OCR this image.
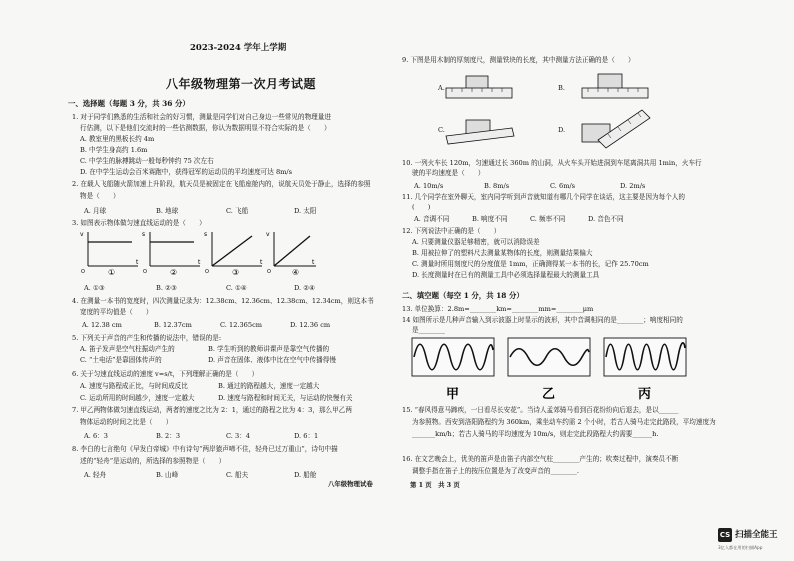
2023-2024 学年上学期
八年级物理第一次月考试题
一、选择题（每题 3 分，共 36 分）
1. 对于同学们熟悉的生活和社会的好习惯，测量是同学们对自己身边一些常见的物理量进
行估测，以下是他们交流时的一些估测数据，你认为数据明显不符合实际的是（　　）
A. 教室里的黑板长约 4m
B. 中学生身高约 1.6m
C. 中学生的脉搏跳动一般每秒钟约 75 次左右
D. 在中学生运动会百米赛跑中，获得冠军的运动员的平均速度可达 8m/s
2. 在载人飞船随火箭加速上升阶段，航天员是被固定在飞船座舱内的，说航天员处于静止，选择的参照
物是（　　）
A. 月球	B. 地球	C. 飞船	D. 太阳
3. 如图表示物体做匀速直线运动的是（　　）
v
t
O	①
s
t
O	②
s
t
O	③
v
t
O	④
A. ①③	B. ②③	C. ①④	D. ②④
4. 在测量一本书的宽度时，四次测量记录为：12.38cm、12.36cm、12.38cm、12.34cm，则这本书
宽度的平均值是（　　）
A. 12.38 cm	B. 12.37cm	C. 12.365cm	D. 12.36 cm
5. 下列关于声音的产生和传播的说法中，错误的是:
A. 笛子发声是空气柱振动产生的	B. 学生听到的教师讲课声是靠空气传播的
C. “土电话”是靠固体传声的	D. 声音在固体、液体中比在空气中传播得慢
6. 关于匀速直线运动的速度 v=s/t，下列理解正确的是（　　）
A. 速度与路程成正比，与时间成反比	B. 通过的路程越大，速度一定越大
C. 运动所用的时间越少，速度一定越大	D. 速度与路程和时间无关，与运动的快慢有关
7. 甲乙两物体做匀速直线运动，两者的速度之比为 2：1，通过的路程之比为 4：3，那么甲乙两
物体运动的时间之比是（　　）
A. 6：3	B. 2：3	C. 3：4	D. 6：1
8. 李白的七言绝句《早发白帝城》中有诗句“两岸猿声啼不住，轻舟已过万重山”，诗句中描
述的“轻舟”是运动的，所选择的参照物是（　　）
A. 轻舟	B. 山峰	C. 船夫	D. 船舱
八年级物理试卷
9. 下图是用木制的厚刻度尺，测量铁块的长度，其中测量方法正确的是（　　）
A.	B.
C.	D.
10. 一列火车长 120m，匀速通过长 360m 的山洞，从火车头开始进洞到车尾离洞共用 1min，火车行
驶的平均速度是（　　）
A. 10m/s	B. 8m/s	C. 6m/s	D. 2m/s
11. 几个同学在室外聊天，室内同学听到声音就知道有哪几个同学在谈话，这主要是因为每个人的
(　　)
A. 音调不同	B. 响度不同	C. 频率不同	D. 音色不同
12. 下列说法中正确的是（　　）
A. 只要测量仪器足够精密，就可以消除误差
B. 用被拉伸了的塑料尺去测量某物体的长度，则测量结果偏大
C. 测量时所用刻度尺的分度值是 1mm，正确测得某一本书的长，记作 25.70cm
D. 长度测量时在已有的测量工具中必须选择量程最大的测量工具
二、填空题（每空 1 分，共 18 分）
13. 单位换算：2.8m=________km=________mm=________μm
14 如图所示是几种声音输入到示波器上时显示的波形，其中音调相同的是________；响度相同的
是________
甲	乙	丙
15. “春风得意马蹄疾，一日看尽长安花”。当诗人孟郊骑马看到百花纷纷向后退去，是以______
为参照物。西安到洛阳路程约为 360km，乘坐动车约需 2 个小时，若古人骑马走完此路段，平均速度为
_______km/h；若古人骑马的平均速度为 10m/s，则走完此段路程大约需要______h.
16. 在文艺晚会上，优美的笛声是由笛子内部空气柱________产生的；吹奏过程中，演奏员不断
调整手指在笛子上的按压位置是为了改变声音的________.
第 1 页　共 3 页
CS 扫描全能王
3亿人都在用的扫描App
